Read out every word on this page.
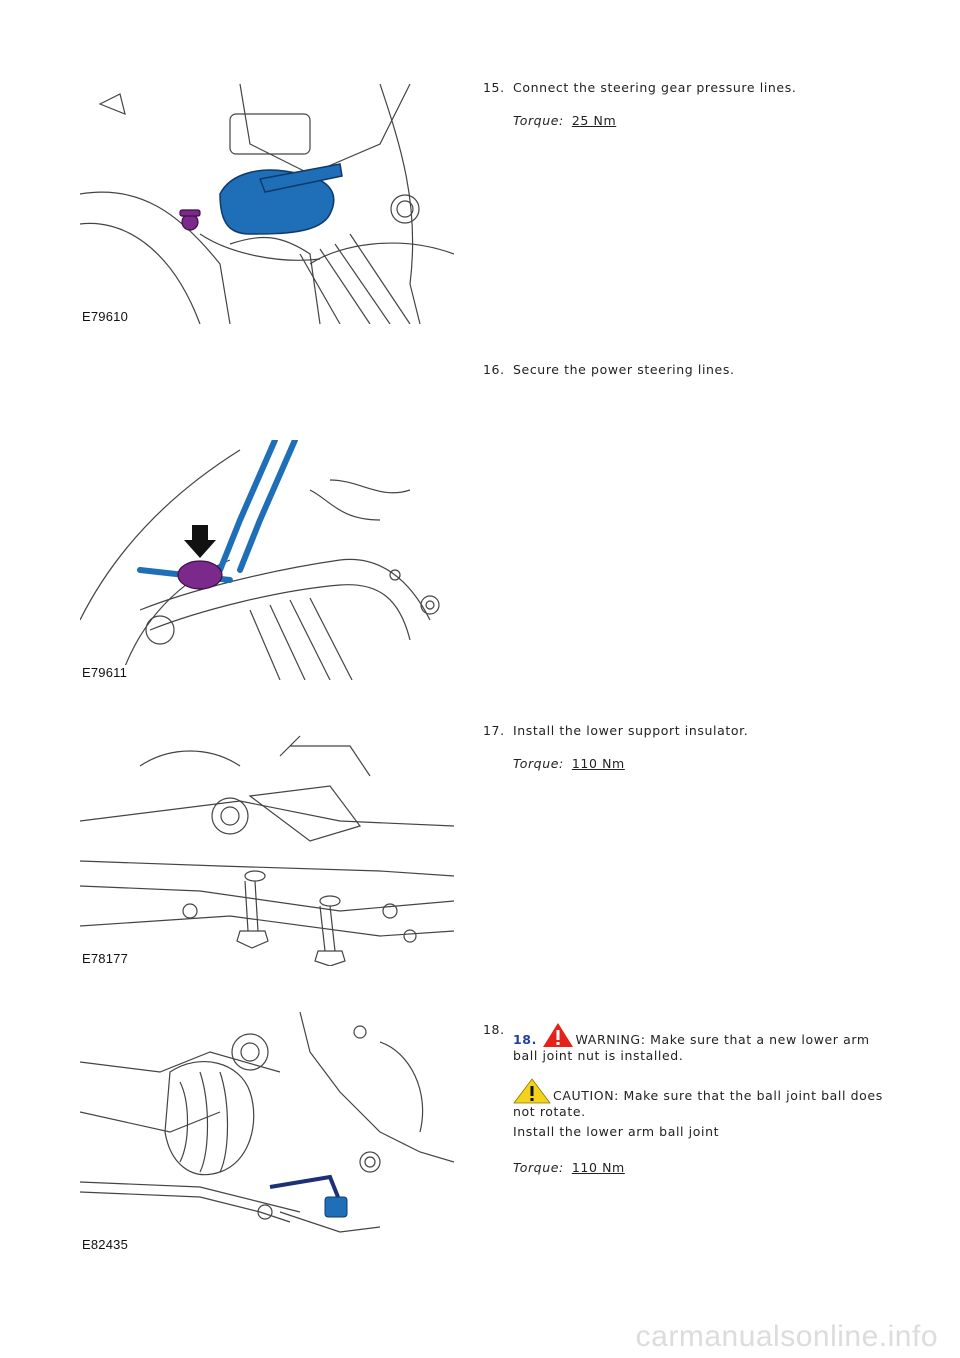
E79610
E79611
E78177
E82435
15. Connect the steering gear pressure lines.
Torque: 25 Nm
16. Secure the power steering lines.
17. Install the lower support insulator.
Torque: 110 Nm
18.
18.	WARNING: Make sure that a new lower arm ball joint nut is installed.
CAUTION: Make sure that the ball joint ball does not rotate.
Install the lower arm ball joint
Torque: 110 Nm
carmanualsonline.info
